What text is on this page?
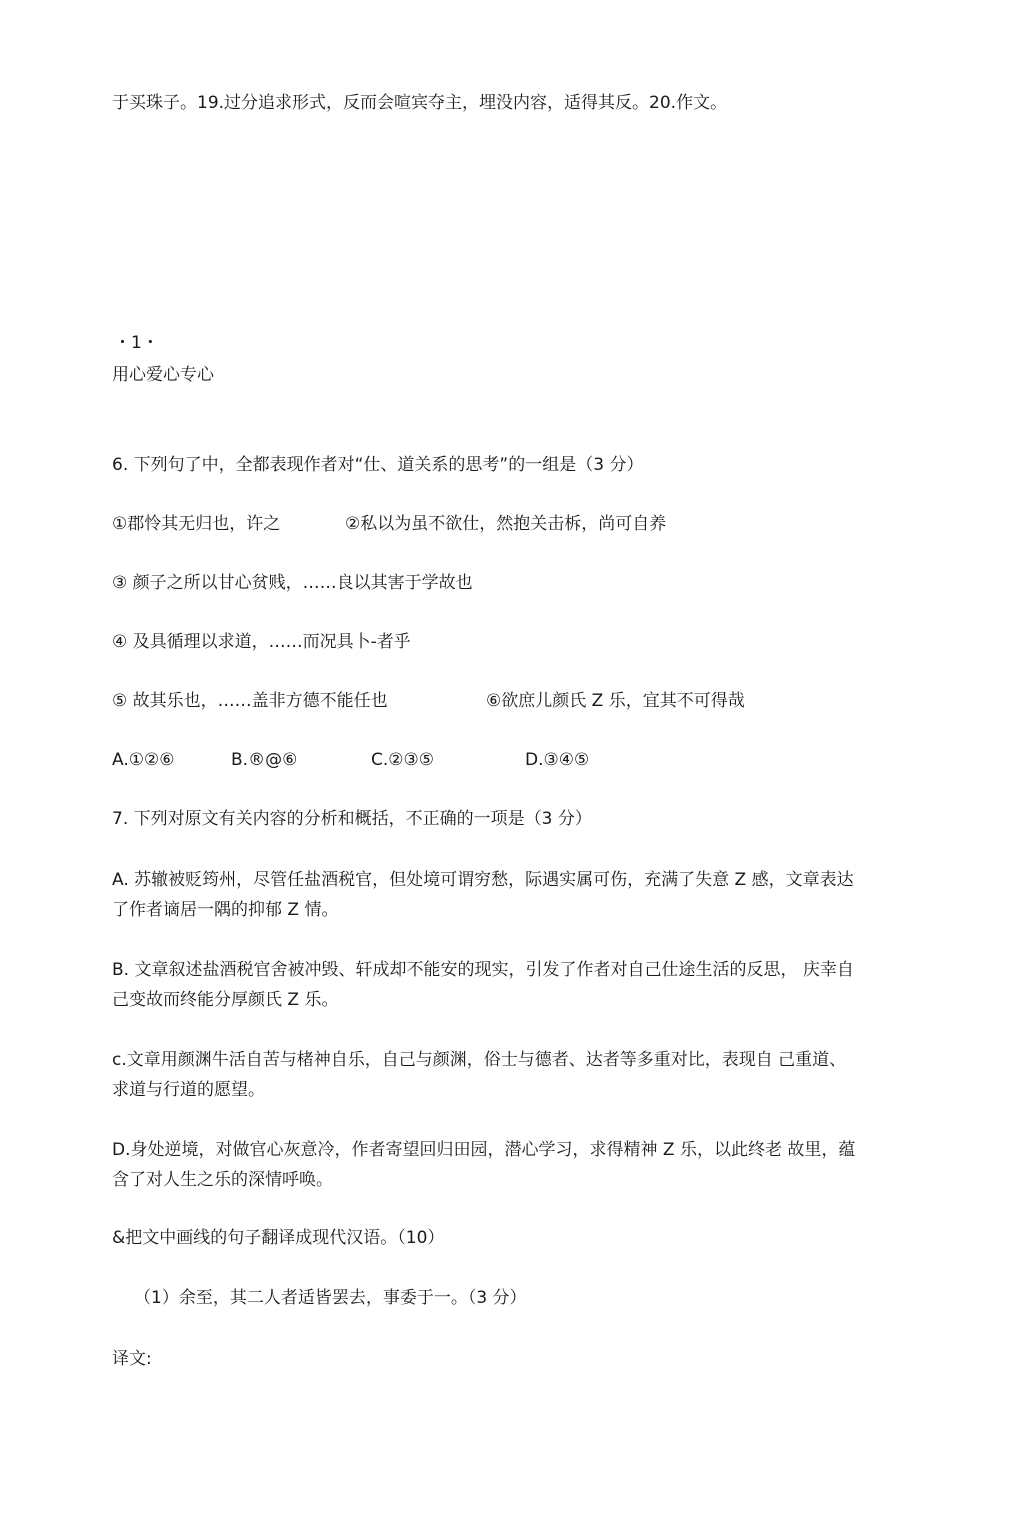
于买珠子。19.过分追求形式，反而会喧宾夺主，埋没内容，适得其反。20.作文。
・1・
用心爱心专心
6. 下列句了中，全都表现作者对“仕、道关系的思考”的一组是（3 分）
①郡怜其无归也，许之	②私以为虽不欲仕，然抱关击柝，尚可自养
③ 颜子之所以甘心贫贱，……良以其害于学故也
④ 及具循理以求道，……而况具卜-者乎
⑤ 故其乐也，……盖非方德不能任也	⑥欲庶儿颜氏 Z 乐，宜其不可得哉
A.①②⑥	B.®@⑥	C.②③⑤	D.③④⑤
7. 下列对原文有关内容的分析和概括，不正确的一项是（3 分）
A. 苏辙被贬筠州，尽管任盐酒税官，但处境可谓穷愁，际遇实属可伤，充满了失意 Z 感，文章表达
了作者谪居一隅的抑郁 Z 情。
B. 文章叙述盐酒税官舍被冲毁、轩成却不能安的现实，引发了作者对自己仕途生活的反思， 庆幸自
己变故而终能分厚颜氏 Z 乐。
c.文章用颜渊牛活自苦与楮神自乐，自己与颜渊，俗士与德者、达者等多重对比，表现自 己重道、
求道与行道的愿望。
D.身处逆境，对做官心灰意冷，作者寄望回归田园，潜心学习，求得精神 Z 乐，以此终老 故里，蕴
含了对人生之乐的深情呼唤。
&把文中画线的句子翻译成现代汉语。（10）
（1）余至，其二人者适皆罢去，事委于一。（3 分）
译文:
